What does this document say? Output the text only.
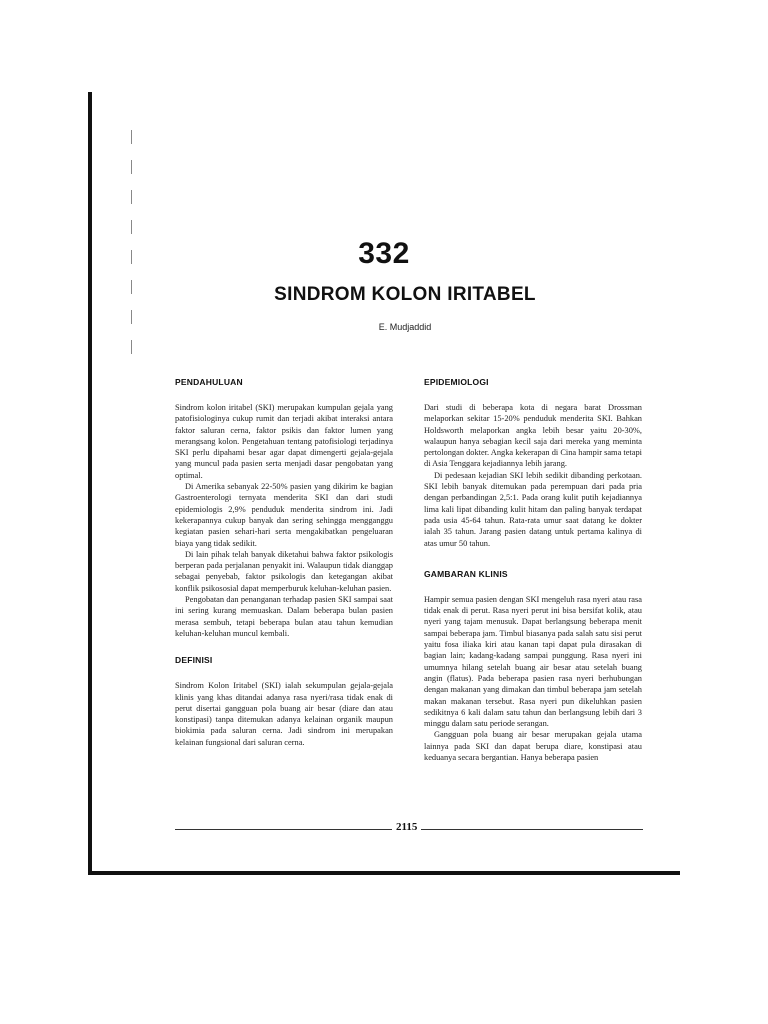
332
SINDROM KOLON IRITABEL
E. Mudjaddid
PENDAHULUAN

Sindrom kolon iritabel (SKI) merupakan kumpulan gejala yang patofisiologinya cukup rumit dan terjadi akibat interaksi antara faktor saluran cerna, faktor psikis dan faktor lumen yang merangsang kolon. Pengetahuan tentang patofisiologi terjadinya SKI perlu dipahami besar agar dapat dimengerti gejala-gejala yang muncul pada pasien serta menjadi dasar pengobatan yang optimal.

Di Amerika sebanyak 22-50% pasien yang dikirim ke bagian Gastroenterologi ternyata menderita SKI dan dari studi epidemiologis 2,9% penduduk menderita sindrom ini. Jadi kekerapannya cukup banyak dan sering sehingga mengganggu kegiatan pasien sehari-hari serta mengakibatkan pengeluaran biaya yang tidak sedikit.

Di lain pihak telah banyak diketahui bahwa faktor psikologis berperan pada perjalanan penyakit ini. Walaupun tidak dianggap sebagai penyebab, faktor psikologis dan ketegangan akibat konflik psikososial dapat memperburuk keluhan-keluhan pasien.

Pengobatan dan penanganan terhadap pasien SKI sampai saat ini sering kurang memuaskan. Dalam beberapa bulan pasien merasa sembuh, tetapi beberapa bulan atau tahun kemudian keluhan-keluhan muncul kembali.

DEFINISI

Sindrom Kolon Iritabel (SKI) ialah sekumpulan gejala-gejala klinis yang khas ditandai adanya rasa nyeri/rasa tidak enak di perut disertai gangguan pola buang air besar (diare dan atau konstipasi) tanpa ditemukan adanya kelainan organik maupun biokimia pada saluran cerna. Jadi sindrom ini merupakan kelainan fungsional dari saluran cerna.

EPIDEMIOLOGI

Dari studi di beberapa kota di negara barat Drossman melaporkan sekitar 15-20% penduduk menderita SKI. Bahkan Holdsworth melaporkan angka lebih besar yaitu 20-30%, walaupun hanya sebagian kecil saja dari mereka yang meminta pertolongan dokter. Angka kekerapan di Cina hampir sama tetapi di Asia Tenggara kejadiannya lebih jarang.

Di pedesaan kejadian SKI lebih sedikit dibanding perkotaan. SKI lebih banyak ditemukan pada perempuan dari pada pria dengan perbandingan 2,5:1. Pada orang kulit putih kejadiannya lima kali lipat dibanding kulit hitam dan paling banyak terdapat pada usia 45-64 tahun. Rata-rata umur saat datang ke dokter ialah 35 tahun. Jarang pasien datang untuk pertama kalinya di atas umur 50 tahun.

GAMBARAN KLINIS

Hampir semua pasien dengan SKI mengeluh rasa nyeri atau rasa tidak enak di perut. Rasa nyeri perut ini bisa bersifat kolik, atau nyeri yang tajam menusuk. Dapat berlangsung beberapa menit sampai beberapa jam. Timbul biasanya pada salah satu sisi perut yaitu fosa iliaka kiri atau kanan tapi dapat pula dirasakan di bagian lain; kadang-kadang sampai punggung. Rasa nyeri ini umumnya hilang setelah buang air besar atau setelah buang angin (flatus). Pada beberapa pasien rasa nyeri berhubungan dengan makanan yang dimakan dan timbul beberapa jam setelah makan makanan tersebut. Rasa nyeri pun dikeluhkan pasien sedikitnya 6 kali dalam satu tahun dan berlangsung lebih dari 3 minggu dalam satu periode serangan.

Gangguan pola buang air besar merupakan gejala utama lainnya pada SKI dan dapat berupa diare, konstipasi atau keduanya secara bergantian. Hanya beberapa pasien

2115
